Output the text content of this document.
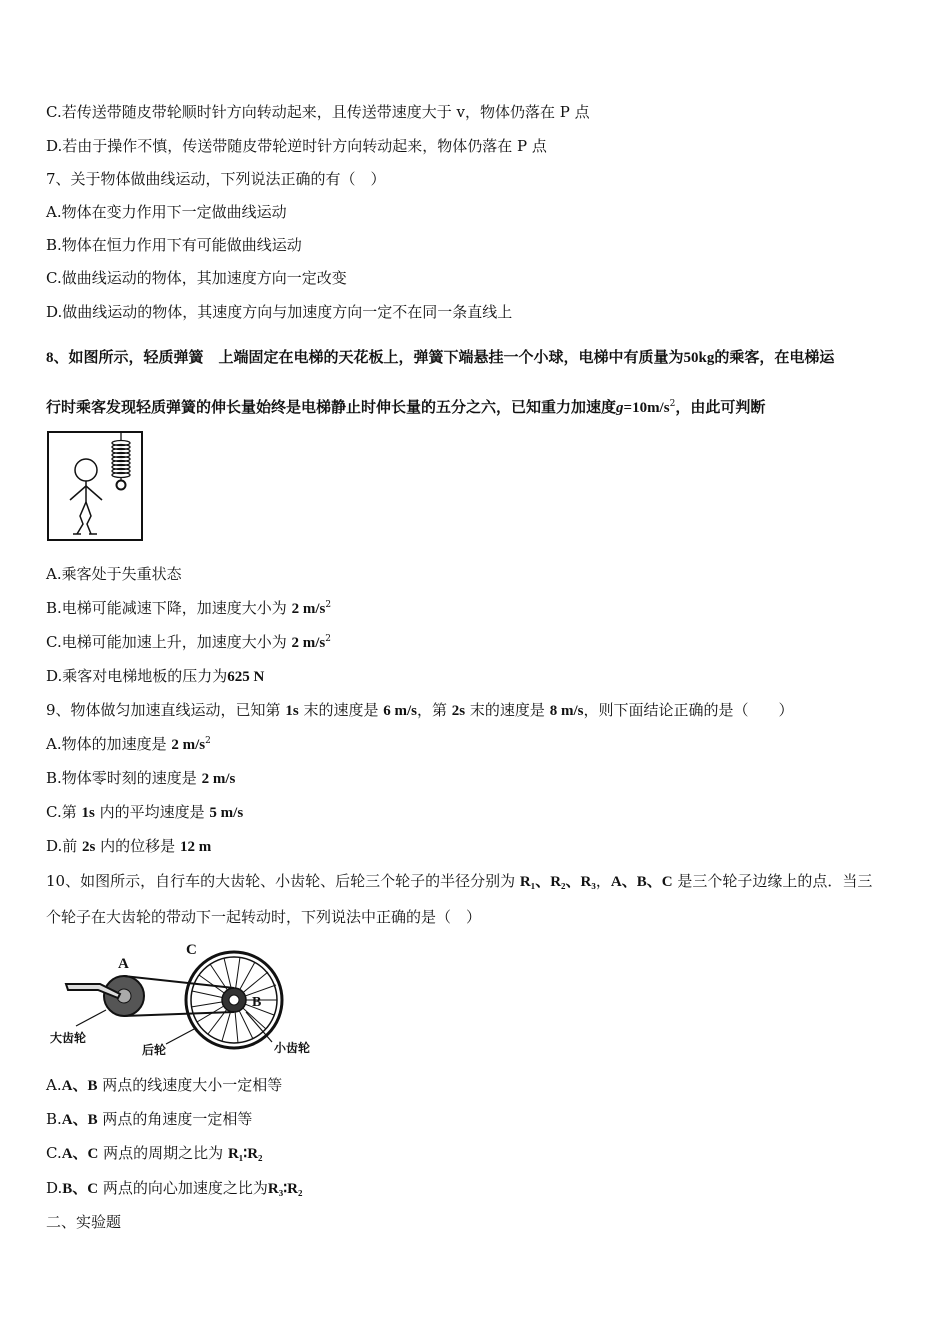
C.若传送带随皮带轮顺时针方向转动起来，且传送带速度大于 v，物体仍落在 P 点
D.若由于操作不慎，传送带随皮带轮逆时针方向转动起来，物体仍落在 P 点
7、关于物体做曲线运动，下列说法正确的有（　）
A.物体在变力作用下一定做曲线运动
B.物体在恒力作用下有可能做曲线运动
C.做曲线运动的物体，其加速度方向一定改变
D.做曲线运动的物体，其速度方向与加速度方向一定不在同一条直线上
8、如图所示，轻质弹簧　上端固定在电梯的天花板上，弹簧下端悬挂一个小球，电梯中有质量为50kg的乘客，在电梯运
行时乘客发现轻质弹簧的伸长量始终是电梯静止时伸长量的五分之六，已知重力加速度$g=10m/s^2$，由此可判断
A.乘客处于失重状态
B.电梯可能减速下降，加速度大小为 2 $m/s^2$
C.电梯可能加速上升，加速度大小为 2 $m/s^2$
D.乘客对电梯地板的压力为625 N
9、物体做匀加速直线运动，已知第 1s 末的速度是 6 m/s，第 2s 末的速度是 8 m/s，则下面结论正确的是（　　）
A.物体的加速度是 2 $m/s^2$
B.物体零时刻的速度是 2 m/s
C.第 1s 内的平均速度是 5 m/s
D.前 2s 内的位移是 12 m
10、如图所示，自行车的大齿轮、小齿轮、后轮三个轮子的半径分别为 R₁、R₂、R₃，A、B、C 是三个轮子边缘上的点．当三
个轮子在大齿轮的带动下一起转动时，下列说法中正确的是（　）
A
C
B
大齿轮
后轮	小齿轮
A.A、B 两点的线速度大小一定相等
B.A、B 两点的角速度一定相等
C.A、C 两点的周期之比为 R₁∶R₂
D.B、C 两点的向心加速度之比为R₃∶R₂
二、实验题
